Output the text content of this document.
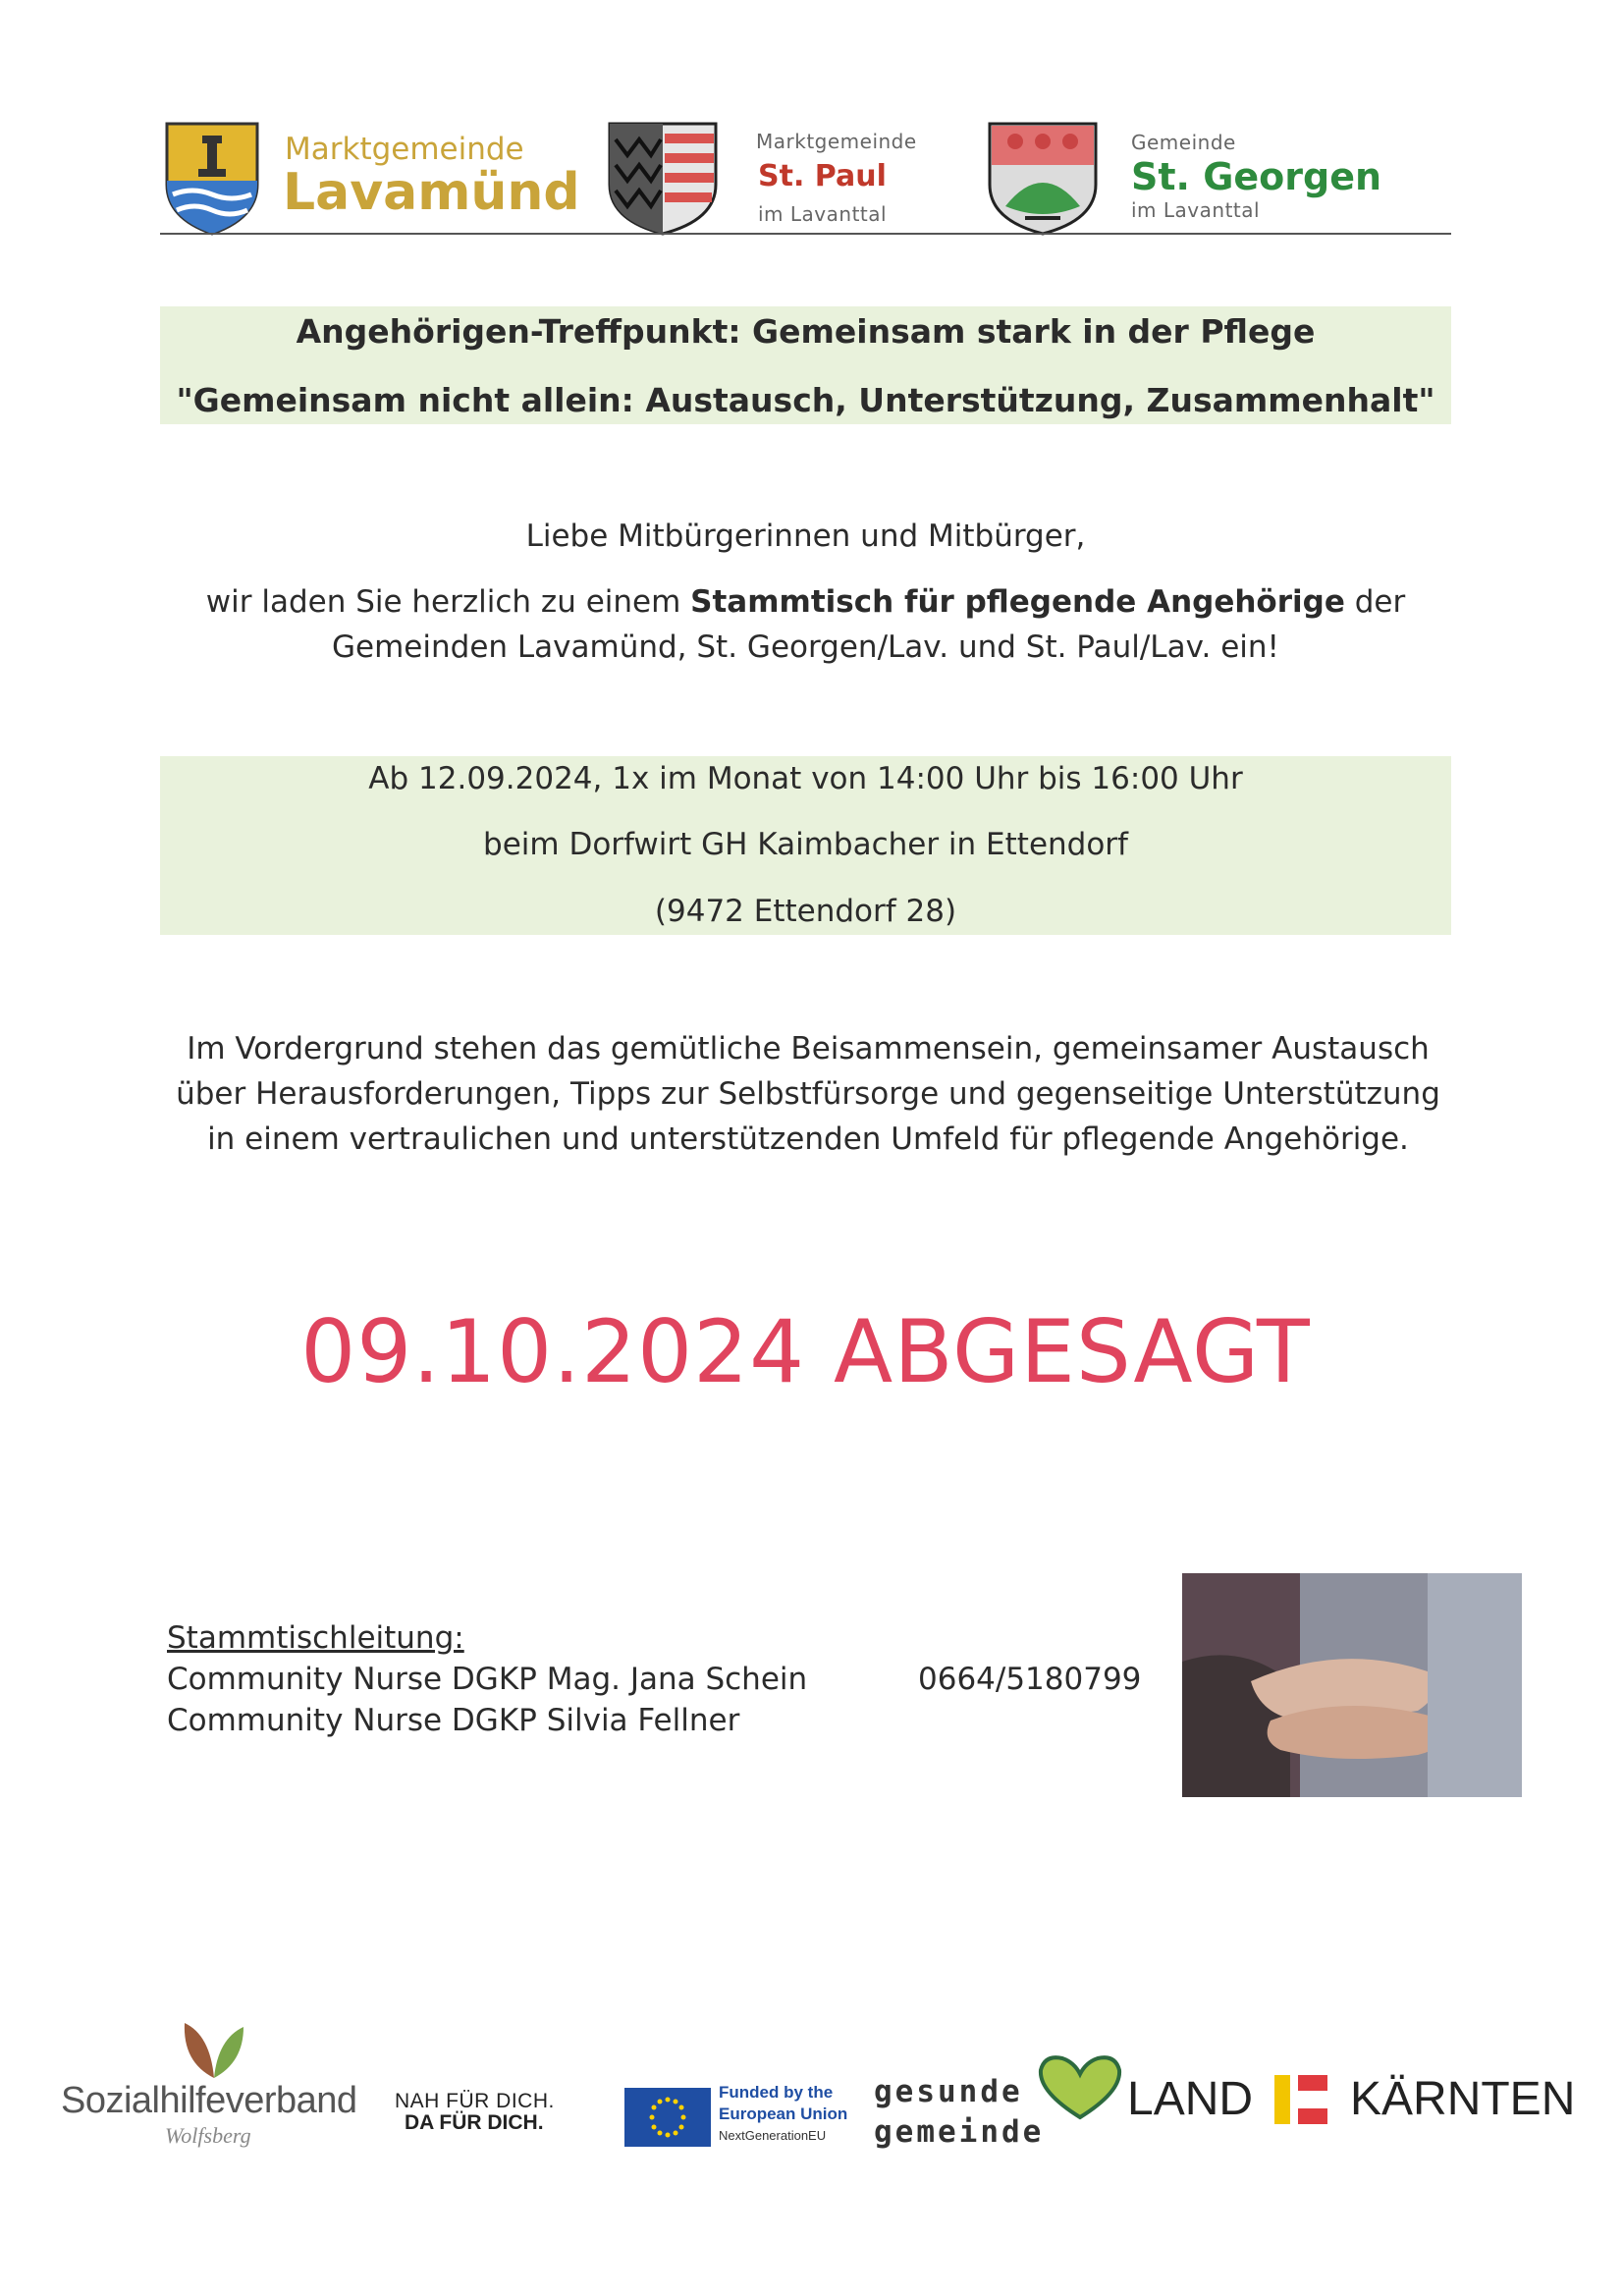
Marktgemeinde
Lavamünd
Marktgemeinde
St. Paul
im Lavanttal
Gemeinde
St. Georgen
im Lavanttal
Angehörigen-Treffpunkt: Gemeinsam stark in der Pflege
"Gemeinsam nicht allein: Austausch, Unterstützung, Zusammenhalt"
Liebe Mitbürgerinnen und Mitbürger,
wir laden Sie herzlich zu einem Stammtisch für pflegende Angehörige der Gemeinden Lavamünd, St. Georgen/Lav. und St. Paul/Lav. ein!
Ab 12.09.2024, 1x im Monat von 14:00 Uhr bis 16:00 Uhr
beim Dorfwirt GH Kaimbacher in Ettendorf
(9472 Ettendorf 28)
Im Vordergrund stehen das gemütliche Beisammensein, gemeinsamer Austausch über Herausforderungen, Tipps zur Selbstfürsorge und gegenseitige Unterstützung in einem vertraulichen und unterstützenden Umfeld für pflegende Angehörige.
09.10.2024 ABGESAGT
Stammtischleitung:
Community Nurse DGKP Mag. Jana Schein	0664/5180799
Community Nurse DGKP Silvia Fellner
Sozialhilfeverband
Wolfsberg
NAH FÜR DICH.
DA FÜR DICH.
Funded by the
European Union
NextGenerationEU
gesunde
gemeinde
LAND KÄRNTEN
